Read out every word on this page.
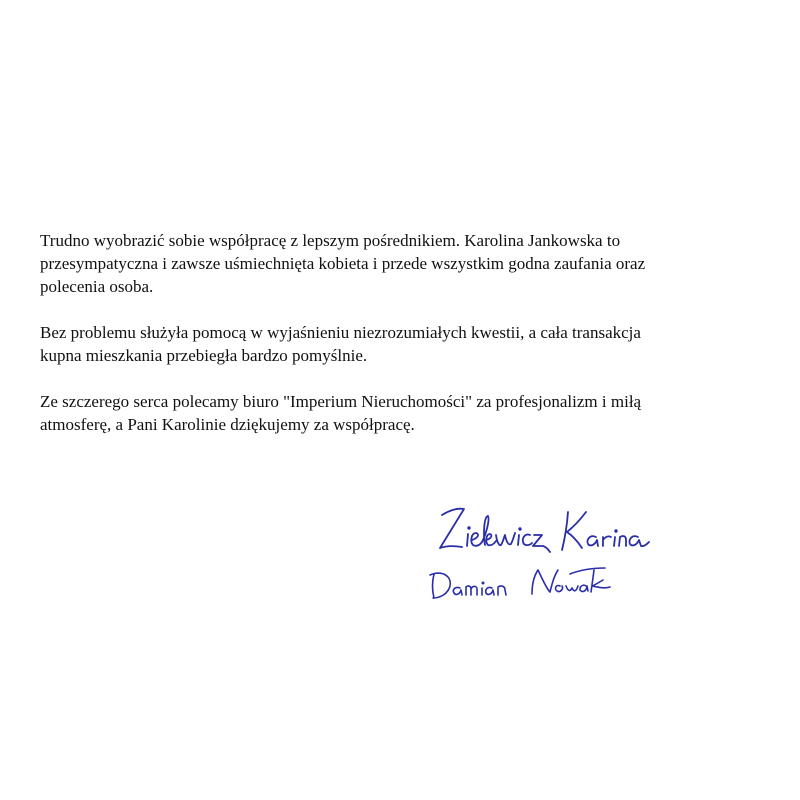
Trudno wyobrazić sobie współpracę z lepszym pośrednikiem. Karolina Jankowska to
przesympatyczna i zawsze uśmiechnięta kobieta i przede wszystkim godna zaufania oraz
polecenia osoba.

Bez problemu służyła pomocą w wyjaśnieniu niezrozumiałych kwestii, a cała transakcja
kupna mieszkania przebiegła bardzo pomyślnie.

Ze szczerego serca polecamy biuro "Imperium Nieruchomości" za profesjonalizm i miłą
atmosferę, a Pani Karolinie dziękujemy za współpracę.
